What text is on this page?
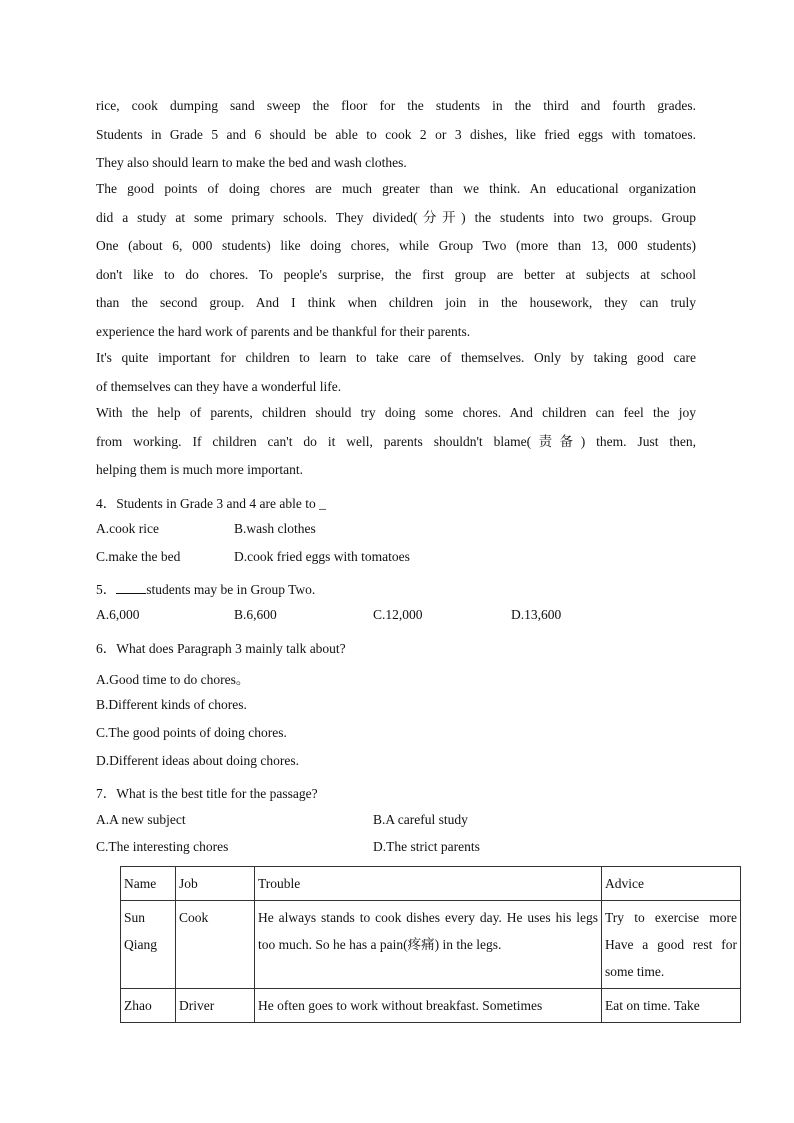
rice, cook dumping sand sweep the floor for the students in the third and fourth grades.
Students in Grade 5 and 6 should be able to cook 2 or 3 dishes, like fried eggs with tomatoes.
They also should learn to make the bed and wash clothes.
The good points of doing chores are much greater than we think. An educational organization
did a study at some primary schools. They divided(分开) the students into two groups. Group
One (about 6, 000 students) like doing chores, while Group Two (more than 13, 000 students)
don't like to do chores. To people's surprise, the first group are better at subjects at school
than the second group. And I think when children join in the housework, they can truly
experience the hard work of parents and be thankful for their parents.
It's quite important for children to learn to take care of themselves. Only by taking good care
of themselves can they have a wonderful life.
With the help of parents, children should try doing some chores. And children can feel the joy
from working. If children can't do it well, parents shouldn't blame(责备) them. Just then,
helping them is much more important.

4．Students in Grade 3 and 4 are able to _

A.cook rice	B.wash clothes

C.make the bed	D.cook fried eggs with tomatoes

5． students may be in Group Two.

A.6,000	B.6,600	C.12,000	D.13,600

6．What does Paragraph 3 mainly talk about?

A.Good time to do chores。

B.Different kinds of chores.

C.The good points of doing chores.

D.Different ideas about doing chores.

7．What is the best title for the passage?

A.A new subject	B.A careful study

C.The interesting chores	D.The strict parents

Name	Job	Trouble	Advice
Sun Qiang	Cook	He always stands to cook dishes every day. He uses his legs too much. So he has a pain(疼痛) in the legs.	Try to exercise more Have a good rest for some time.
Zhao	Driver	He often goes to work without breakfast. Sometimes	Eat on time. Take
